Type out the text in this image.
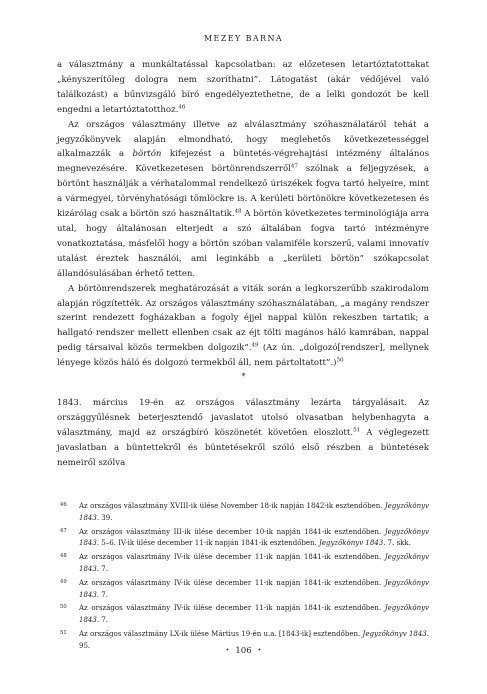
MEZEY BARNA

a választmány a munkáltatással kapcsolatban: az előzetesen letartóztatottakat „kényszerítőleg dologra nem szoríthatni”. Látogatást (akár védőjével való találkozást) a bűnvizsgáló bíró engedélyeztethetne, de a lelki gondozót be kell engedni a letartóztatotthoz.$^{46}$

Az országos választmány illetve az alválasztmány szóhasználatáról tehát a jegyzőkönyvek alapján elmondható, hogy meglehetős következetességgel alkalmazzák a börtön kifejezést a büntetés-végrehajtási intézmény általános megnevezésére. Következetesen börtönrendszerről$^{47}$ szólnak a feljegyzések, a börtönt használják a vérhatalommal rendelkező úriszékek fogva tartó helyeire, mint a vármegyei, törvényhatósági tömlöckre is. A kerületi börtönökre következetesen és kizárólag csak a börtön szó használtatik.$^{48}$ A börtön következetes terminológiája arra utal, hogy általánosan elterjedt a szó általában fogva tartó intézményre vonatkoztatása, másfelől hogy a börtön szóban valamiféle korszerű, valami innovatív utalást éreztek használói, ami leginkább a „kerületi börtön” szókapcsolat állandósulásában érhető tetten.

A börtönrendszerek meghatározását a viták során a legkorszerűbb szakirodalom alapján rögzítették. Az országos választmány szóhasználatában, „a magány rendszer szerint rendezett fogházakban a fogoly éjjel nappal külön rekeszben tartatik; a hallgató rendszer mellett ellenben csak az éjt tölti magános háló kamrában, nappal pedig társaival közös termekben dolgozik”.$^{49}$ (Az ún. „dolgozó[rendszer], mellynek lényege közös háló és dolgozó termekből áll, nem pártoltatott”.)$^{50}$

*

1843. március 19-én az országos választmány lezárta tárgyalásait. Az országgyűlésnek beterjesztendő javaslatot utolsó olvasatban helybenhagyta a választmány, majd az országbíró köszönetét követően eloszlott.$^{51}$ A véglegezett javaslatban a büntettekről és büntetésekről szóló első részben a büntetések nemeiről szólva

46 Az országos választmány XVIII-ik ülése November 18-ik napján 1842-ik esztendőben. Jegyzőkönyv 1843. 39.
47 Az országos választmány III-ik ülése december 10-ik napján 1841-ik esztendőben. Jegyzőkönyv 1843. 5–6. IV-ik ülése december 11-ik napján 1841-ik esztendőben. Jegyzőkönyv 1843. 7. skk.
48 Az országos választmány IV-ik ülése december 11-ik napján 1841-ik esztendőben. Jegyzőkönyv 1843. 7.
49 Az országos választmány IV-ik ülése december 11-ik napján 1841-ik esztendőben. Jegyzőkönyv 1843. 7.
50 Az országos választmány IV-ik ülése december 11-ik napján 1841-ik esztendőben. Jegyzőkönyv 1843. 7.
51 Az országos választmány LX-ik ülése Mártius 19-én u.a. [1843-ik] esztendőben. Jegyzőkönyv 1843. 95.
• 106 •
